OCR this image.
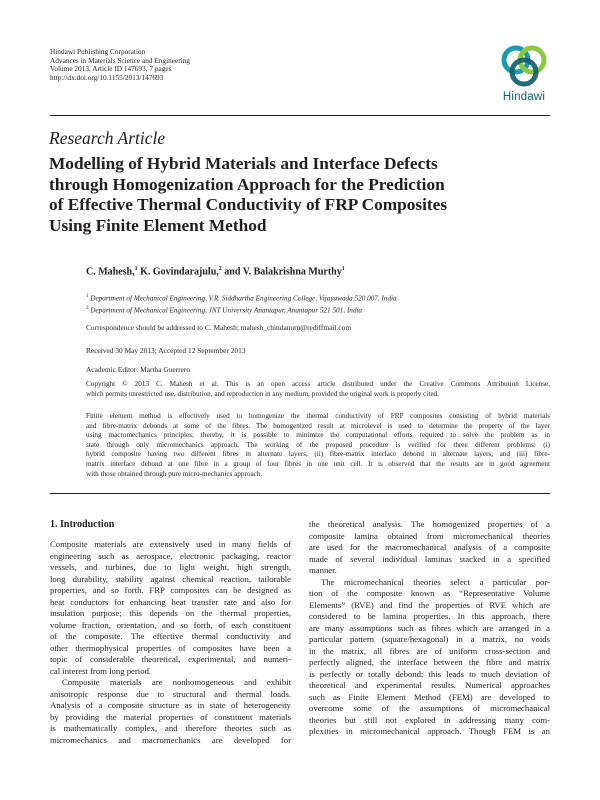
Hindawi Publishing Corporation
Advances in Materials Science and Engineering
Volume 2013, Article ID 147693, 7 pages
http://dx.doi.org/10.1155/2013/147693
Hindawi
Research Article
Modelling of Hybrid Materials and Interface Defects
through Homogenization Approach for the Prediction
of Effective Thermal Conductivity of FRP Composites
Using Finite Element Method
C. Mahesh,$^1$ K. Govindarajulu,$^2$ and V. Balakrishna Murthy$^1$
$^1$ Department of Mechanical Engineering, V.R. Siddhartha Engineering College, Vijayawada 520 007, India
$^2$ Department of Mechanical Engineering, JNT University Anantapur, Anantapur 521 501, India
Correspondence should be addressed to C. Mahesh; mahesh_chindanuru@rediffmail.com
Received 30 May 2013; Accepted 12 September 2013
Academic Editor: Martha Guerrero
Copyright © 2013 C. Mahesh et al. This is an open access article distributed under the Creative Commons Attribution License,
which permits unrestricted use, distribution, and reproduction in any medium, provided the original work is properly cited.
Finite element method is effectively used to homogenize the thermal conductivity of FRP composites consisting of hybrid materials
and fibre-matrix debonds at some of the fibres. The homogenized result at microlevel is used to determine the property of the layer
using macromechanics principles; thereby, it is possible to minimize the computational efforts required to solve the problem as in
state through only micromechanics approach. The working of the proposed procedure is verified for three different problems: (i)
hybrid composite having two different fibres in alternate layers, (ii) fibre-matrix interface debond in alternate layers, and (iii) fibre-
matrix interface debond at one fibre in a group of four fibres in one unit cell. It is observed that the results are in good agreement
with those obtained through pure micro-mechanics approach.
1. Introduction
Composite materials are extensively used in many fields of
engineering such as aerospace, electronic packaging, reactor
vessels, and turbines, due to light weight, high strength,
long durability, stability against chemical reaction, tailorable
properties, and so forth. FRP composites can be designed as
heat conductors for enhancing heat transfer rate and also for
insulation purpose; this depends on the thermal properties,
volume fraction, orientation, and so forth, of each constituent
of the composite. The effective thermal conductivity and
other thermophysical properties of composites have been a
topic of considerable theoretical, experimental, and numeri-
cal interest from long period.
Composite materials are nonhomogeneous and exhibit
anisotropic response due to structural and thermal loads.
Analysis of a composite structure as in state of heterogeneity
by providing the material properties of constituent materials
is mathematically complex, and therefore theories such as
micromechanics and macromechanics are developed for
the theoretical analysis. The homogenized properties of a
composite lamina obtained from micromechanical theories
are used for the macromechanical analysis of a composite
made of several individual laminas stacked in a specified
manner.
The micromechanical theories select a particular por-
tion of the composite known as “Representative Volume
Elements” (RVE) and find the properties of RVE which are
considered to be lamina properties. In this approach, there
are many assumptions such as fibres which are arranged in a
particular pattern (square/hexagonal) in a matrix, no voids
in the matrix, all fibres are of uniform cross-section and
perfectly aligned, the interface between the fibre and matrix
is perfectly or totally debond; this leads to much deviation of
theoretical and experimental results. Numerical approaches
such as Finite Element Method (FEM) are developed to
overcome some of the assumptions of micromechanical
theories but still not explored in addressing many com-
plexities in micromechanical approach. Though FEM is an
